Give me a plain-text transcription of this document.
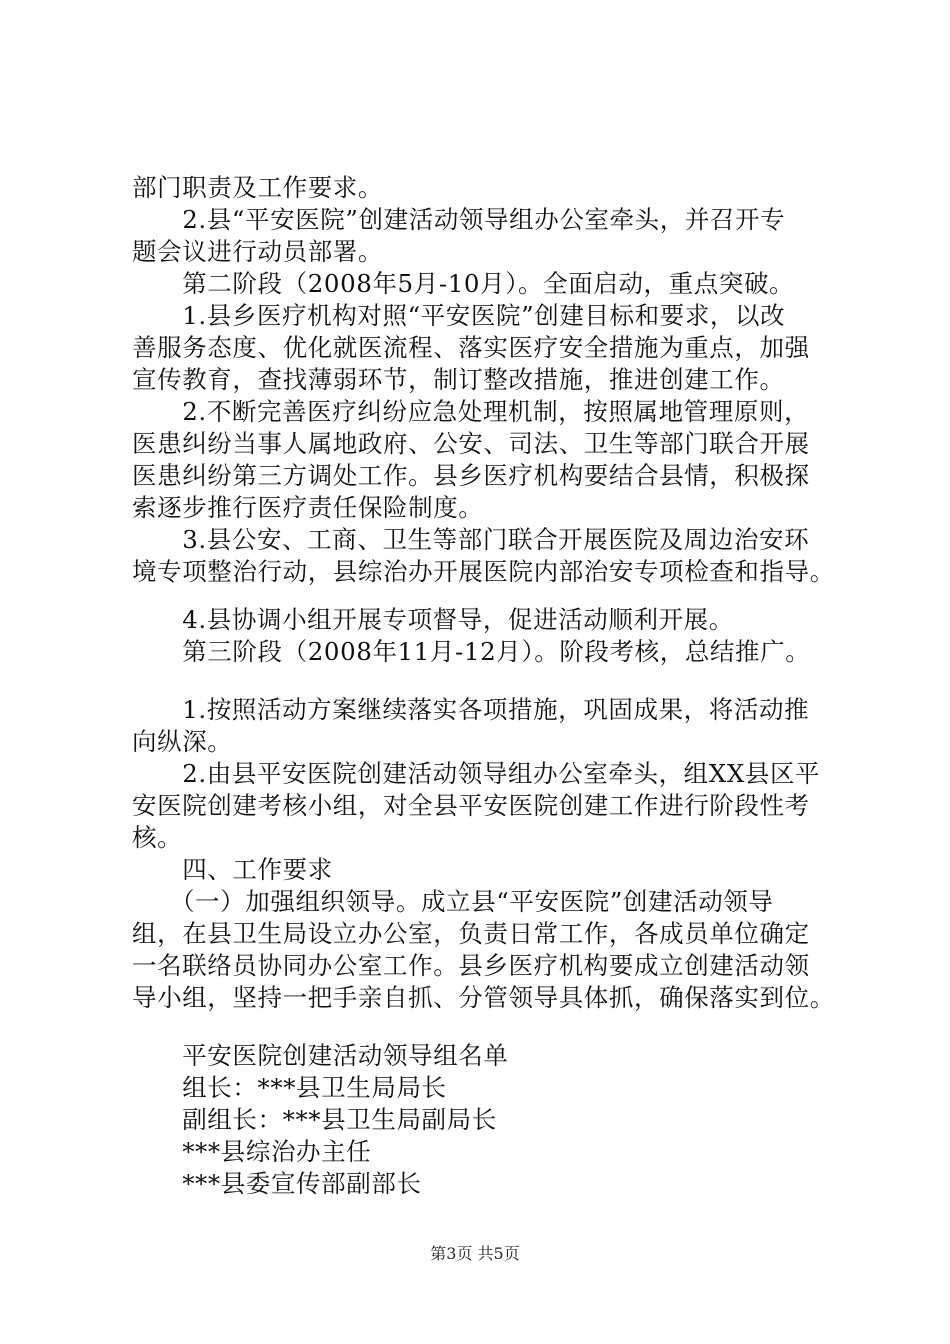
部门职责及工作要求。
　　2.县“平安医院”创建活动领导组办公室牵头，并召开专
题会议进行动员部署。
　　第二阶段（2008年5月-10月）。全面启动，重点突破。
　　1.县乡医疗机构对照“平安医院”创建目标和要求，以改
善服务态度、优化就医流程、落实医疗安全措施为重点，加强
宣传教育，查找薄弱环节，制订整改措施，推进创建工作。
　　2.不断完善医疗纠纷应急处理机制，按照属地管理原则，
医患纠纷当事人属地政府、公安、司法、卫生等部门联合开展
医患纠纷第三方调处工作。县乡医疗机构要结合县情，积极探
索逐步推行医疗责任保险制度。
　　3.县公安、工商、卫生等部门联合开展医院及周边治安环
境专项整治行动，县综治办开展医院内部治安专项检查和指导。
　　4.县协调小组开展专项督导，促进活动顺利开展。
　　第三阶段（2008年11月-12月）。阶段考核，总结推广。
　　1.按照活动方案继续落实各项措施，巩固成果，将活动推
向纵深。
　　2.由县平安医院创建活动领导组办公室牵头，组XX县区平
安医院创建考核小组，对全县平安医院创建工作进行阶段性考
核。
　　四、工作要求
　　（一）加强组织领导。成立县“平安医院”创建活动领导
组，在县卫生局设立办公室，负责日常工作，各成员单位确定
一名联络员协同办公室工作。县乡医疗机构要成立创建活动领
导小组，坚持一把手亲自抓、分管领导具体抓，确保落实到位。
　　平安医院创建活动领导组名单
　　组长：***县卫生局局长
　　副组长：***县卫生局副局长
　　***县综治办主任
　　***县委宣传部副部长
第3页 共5页
